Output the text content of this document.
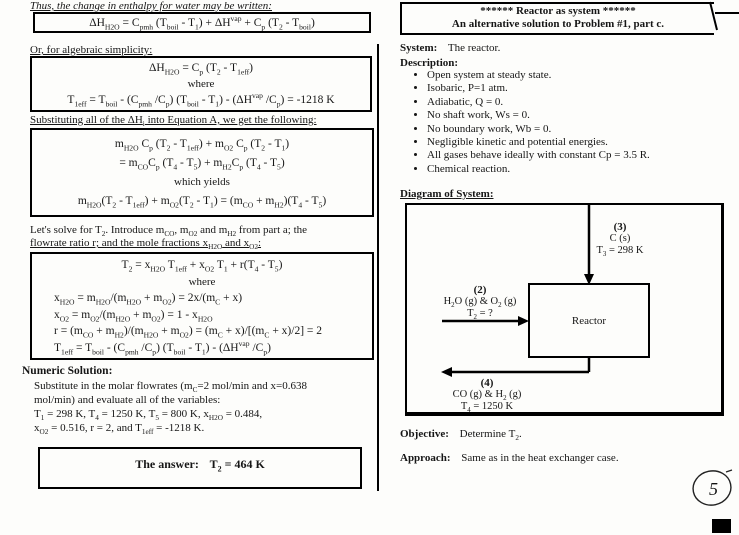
Thus, the change in enthalpy for water may be written:
$\Delta H_{H2O} = C_{pmh}$ $(T_{boil} - T_1) + \Delta H^{vap} + C_p$ $(T_2 - T_{boil})$
Or, for algebraic simplicity:
$\Delta H_{H2O} = C_p$ $(T_2 - T_{1eff})$
where
$T_{1eff} = T_{boil} - (C_{pmh}$ $/C_p$) $(T_{boil} - T_1) - (\Delta H^{vap}$ $/C_p) = -1218$ K
Substituting all of the $\Delta H_i$ into Equation A, we get the following:
$m_{H2O}$ $C_p$ $(T_2 - T_{1eff}) + m_{O2}$ $C_p$ $(T_2 - T_1)$
= $m_{CO}C_p$ $(T_4 - T_5) + m_{H2}C_p$ $(T_4 - T_5)$
which yields
$m_{H2O}(T_2 - T_{1eff}) + m_{O2}(T_2 - T_1) = (m_{CO} + m_{H2})(T_4 - T_5)$
Let's solve for $T_2$. Introduce $m_{CO}$, $m_{O2}$ and $m_{H2}$ from part a; the
flowrate ratio r; and the mole fractions $x_{H2O}$ and $x_{O2}$:
$T_2 = x_{H2O}$ $T_{1eff} + x_{O2}$ $T_1 + r(T_4 - T_5)$
where
$x_{H2O} = m_{H2O}/(m_{H2O} + m_{O2}) = 2x/(m_C + x)$
$x_{O2} = m_{O2}/(m_{H2O} + m_{O2}) = 1 - x_{H2O}$
$r = (m_{CO} + m_{H2})/(m_{H2O} + m_{O2}) = (m_C + x)/[(m_C + x)/2] = 2$
$T_{1eff} = T_{boil} - (C_{pmh}$ $/C_p$) $(T_{boil} - T_1) - (\Delta H^{vap}$ $/C_p$)
Numeric Solution:
Substitute in the molar flowrates ($m_C=2$ mol/min and x=0.638
mol/min) and evaluate all of the variables:
$T_1 = 298$ K, $T_4 = 1250$ K, $T_5 = 800$ K, $x_{H2O} = 0.484$,
$x_{O2} = 0.516$, r = 2, and $T_{1eff} = -1218$ K.
The answer: $T_2 = 464$ K
****** Reactor as system ******
An alternative solution to Problem #1, part c.
System: The reactor.
Description:
• Open system at steady state.
• Isobaric, P=1 atm.
• Adiabatic, Q = 0.
• No shaft work, Ws = 0.
• No boundary work, Wb = 0.
• Negligible kinetic and potential energies.
• All gases behave ideally with constant Cp = 3.5 R.
• Chemical reaction.
Diagram of System:
Reactor
(3)
C (s)
$T_3 = 298$ K
(2)
$H_2O$ (g) & $O_2$ (g)
$T_2$ = ?
(4)
CO (g) & $H_2$ (g)
$T_4 = 1250$ K
Objective: Determine $T_2$.
Approach: Same as in the heat exchanger case.
5
